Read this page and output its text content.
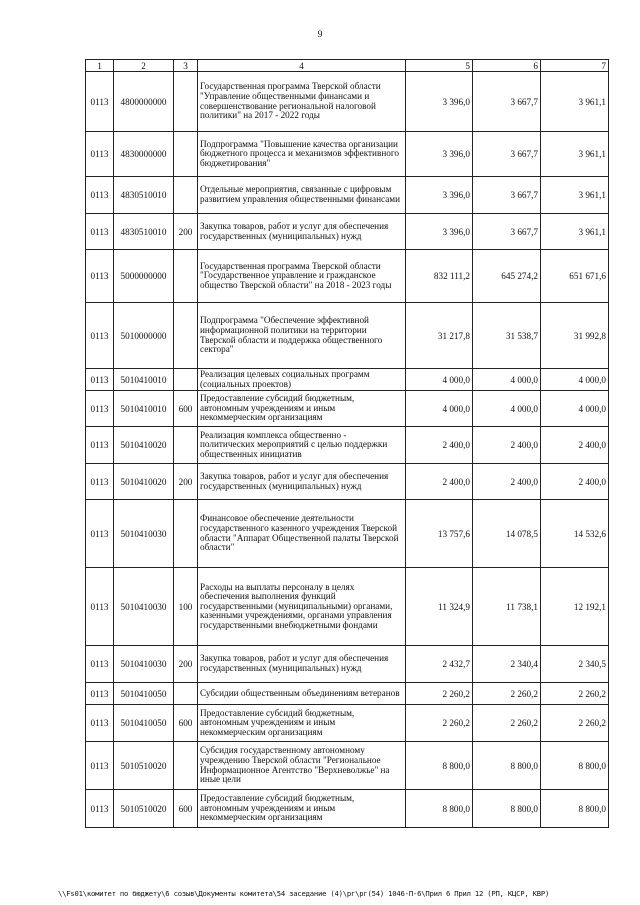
9
1	2	3	4	5	6	7
0113	4800000000		Государственная программа Тверской области "Управление общественными финансами и совершенствование региональной налоговой политики" на 2017 - 2022 годы	3 396,0	3 667,7	3 961,1
0113	4830000000		Подпрограмма "Повышение качества организации бюджетного процесса и механизмов эффективного бюджетирования"	3 396,0	3 667,7	3 961,1
0113	4830510010		Отдельные мероприятия, связанные с цифровым развитием управления общественными финансами	3 396,0	3 667,7	3 961,1
0113	4830510010	200	Закупка товаров, работ и услуг для обеспечения государственных (муниципальных) нужд	3 396,0	3 667,7	3 961,1
0113	5000000000		Государственная программа Тверской области "Государственное управление и гражданское общество Тверской области" на 2018 - 2023 годы	832 111,2	645 274,2	651 671,6
0113	5010000000		Подпрограмма "Обеспечение эффективной информационной политики на территории Тверской области и поддержка общественного сектора"	31 217,8	31 538,7	31 992,8
0113	5010410010		Реализация целевых социальных программ (социальных проектов)	4 000,0	4 000,0	4 000,0
0113	5010410010	600	Предоставление субсидий бюджетным, автономным учреждениям и иным некоммерческим организациям	4 000,0	4 000,0	4 000,0
0113	5010410020		Реализация комплекса общественно - политических мероприятий с целью поддержки общественных инициатив	2 400,0	2 400,0	2 400,0
0113	5010410020	200	Закупка товаров, работ и услуг для обеспечения государственных (муниципальных) нужд	2 400,0	2 400,0	2 400,0
0113	5010410030		Финансовое обеспечение деятельности государственного казенного учреждения Тверской области "Аппарат Общественной палаты Тверской области"	13 757,6	14 078,5	14 532,6
0113	5010410030	100	Расходы на выплаты персоналу в целях обеспечения выполнения функций государственными (муниципальными) органами, казенными учреждениями, органами управления государственными внебюджетными фондами	11 324,9	11 738,1	12 192,1
0113	5010410030	200	Закупка товаров, работ и услуг для обеспечения государственных (муниципальных) нужд	2 432,7	2 340,4	2 340,5
0113	5010410050		Субсидии общественным объединениям ветеранов	2 260,2	2 260,2	2 260,2
0113	5010410050	600	Предоставление субсидий бюджетным, автономным учреждениям и иным некоммерческим организациям	2 260,2	2 260,2	2 260,2
0113	5010510020		Субсидия государственному автономному учреждению Тверской области "Региональное Информационное Агентство "Верхневолжье" на иные цели	8 800,0	8 800,0	8 800,0
0113	5010510020	600	Предоставление субсидий бюджетным, автономным учреждениям и иным некоммерческим организациям	8 800,0	8 800,0	8 800,0
\\Fs01\комитет по бюджету\6 созыв\Документы комитета\54 заседание (4)\рг\рг(54) 1046-П-6\Прил 6 Прил 12 (РП, КЦСР, КВР)
